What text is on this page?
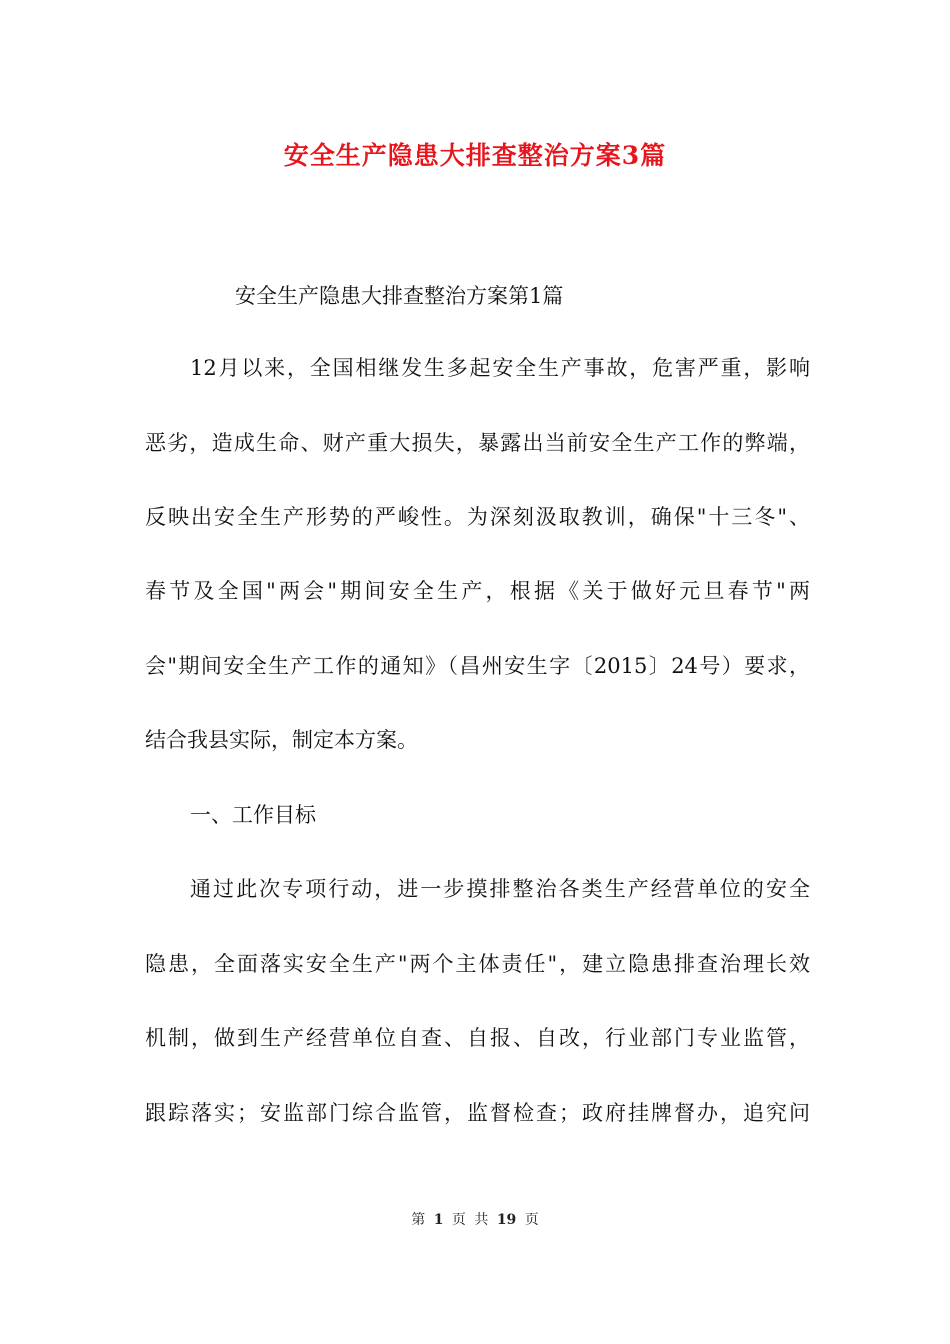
安全生产隐患大排查整治方案3篇
安全生产隐患大排查整治方案第1篇
12月以来，全国相继发生多起安全生产事故，危害严重，影响
恶劣，造成生命、财产重大损失，暴露出当前安全生产工作的弊端，
反映出安全生产形势的严峻性。为深刻汲取教训，确保"十三冬"、
春节及全国"两会"期间安全生产，根据《关于做好元旦春节"两
会"期间安全生产工作的通知》（昌州安生字〔2015〕24号）要求，
结合我县实际，制定本方案。
一、工作目标
通过此次专项行动，进一步摸排整治各类生产经营单位的安全
隐患，全面落实安全生产"两个主体责任"，建立隐患排查治理长效
机制，做到生产经营单位自查、自报、自改，行业部门专业监管，
跟踪落实；安监部门综合监管，监督检查；政府挂牌督办，追究问
第 1 页 共 19 页
